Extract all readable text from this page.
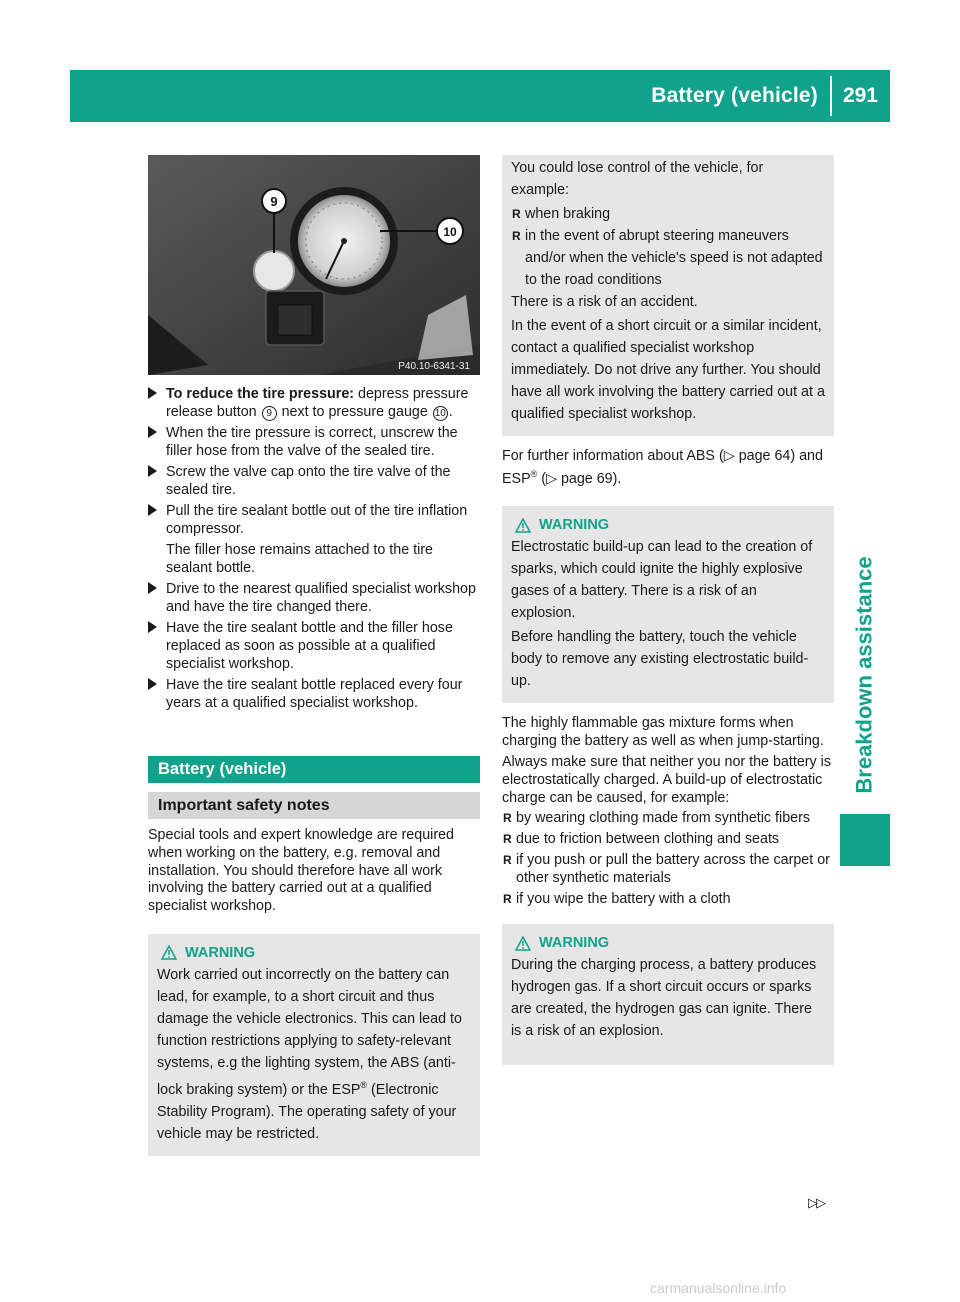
Battery (vehicle) 291
Breakdown assistance
9
10
P40.10-6341-31
To reduce the tire pressure: depress pressure release button 9 next to pressure gauge 10 .
When the tire pressure is correct, unscrew the filler hose from the valve of the sealed tire.
Screw the valve cap onto the tire valve of the sealed tire.
Pull the tire sealant bottle out of the tire inflation compressor.
The filler hose remains attached to the tire sealant bottle.
Drive to the nearest qualified specialist workshop and have the tire changed there.
Have the tire sealant bottle and the filler hose replaced as soon as possible at a qualified specialist workshop.
Have the tire sealant bottle replaced every four years at a qualified specialist workshop.
Battery (vehicle)
Important safety notes
Special tools and expert knowledge are required when working on the battery, e.g. removal and installation. You should therefore have all work involving the battery carried out at a qualified specialist workshop.
WARNING

Work carried out incorrectly on the battery can lead, for example, to a short circuit and thus damage the vehicle electronics. This can lead to function restrictions applying to safety-relevant systems, e.g the lighting system, the ABS (anti-lock braking system) or the ESP® (Electronic Stability Program). The operating safety of your vehicle may be restricted.

You could lose control of the vehicle, for example:

R when braking
R in the event of abrupt steering maneuvers and/or when the vehicle's speed is not adapted to the road conditions

There is a risk of an accident.

In the event of a short circuit or a similar incident, contact a qualified specialist workshop immediately. Do not drive any further. You should have all work involving the battery carried out at a qualified specialist workshop.

For further information about ABS (▷ page 64) and ESP® (▷ page 69).
WARNING

Electrostatic build-up can lead to the creation of sparks, which could ignite the highly explosive gases of a battery. There is a risk of an explosion.

Before handling the battery, touch the vehicle body to remove any existing electrostatic build-up.

The highly flammable gas mixture forms when charging the battery as well as when jump-starting.
Always make sure that neither you nor the battery is electrostatically charged. A build-up of electrostatic charge can be caused, for example:
R by wearing clothing made from synthetic fibers
R due to friction between clothing and seats
R if you push or pull the battery across the carpet or other synthetic materials
R if you wipe the battery with a cloth
WARNING

During the charging process, a battery produces hydrogen gas. If a short circuit occurs or sparks are created, the hydrogen gas can ignite. There is a risk of an explosion.

▷▷
carmanualsonline.info
